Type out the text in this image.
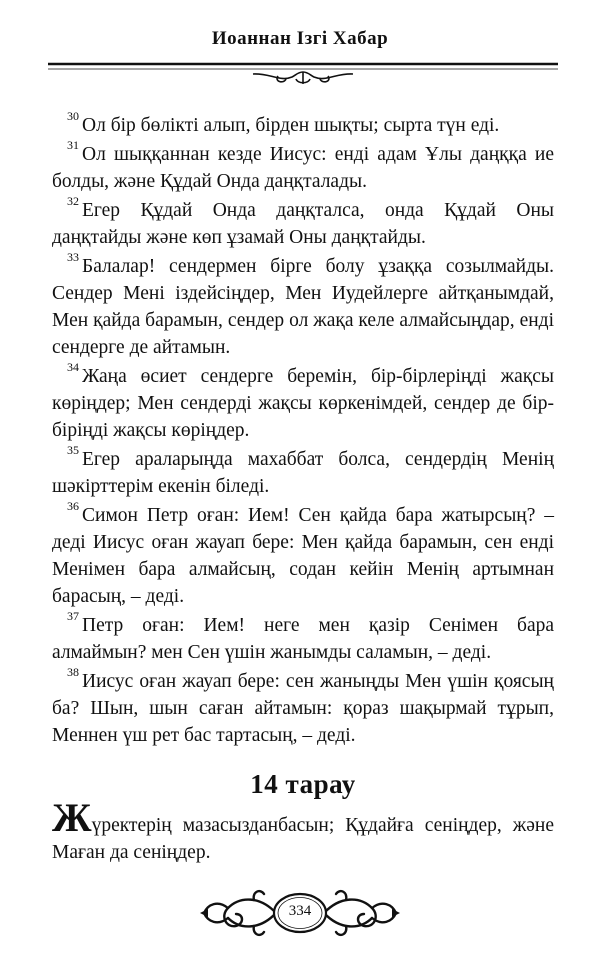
Иоаннан Ізгі Хабар

$^{30}$ Ол бір бөлікті алып, бірден шықты; сырта түн еді.

$^{31}$ Ол шыққаннан кезде Иисус: енді адам Ұлы даңққа ие болды, және Құдай Онда даңқталады.

$^{32}$ Егер Құдай Онда даңқталса, онда Құдай Оны даңқтайды және көп ұзамай Оны даңқтайды.

$^{33}$ Балалар! сендермен бірге болу ұзаққа созылмайды. Сендер Мені іздейсіңдер, Мен Иудейлерге айтқанымдай, Мен қайда барамын, сендер ол жақа келе алмайсыңдар, енді сендерге де айтамын.

$^{34}$ Жаңа өсиет сендерге беремін, бір-бірлеріңді жақсы көріңдер; Мен сендерді жақсы көркенімдей, сендер де бір-біріңді жақсы көріңдер.

$^{35}$ Егер араларыңда махаббат болса, сендердің Менің шәкірттерім екенін біледі.

$^{36}$ Симон Петр оған: Ием! Сен қайда бара жатырсың? – деді Иисус оған жауап бере: Мен қайда барамын, сен енді Менімен бара алмайсың, содан кейін Менің артымнан барасың, – деді.

$^{37}$ Петр оған: Ием! неге мен қазір Сенімен бара алмаймын? мен Сен үшін жанымды саламын, – деді.

$^{38}$ Иисус оған жауап бере: сен жаныңды Мен үшін қоясың ба? Шын, шын саған айтамын: қораз шақырмай тұрып, Меннен үш рет бас тартасың, – деді.

14 тарау

Жүректерің мазасызданбасын; Құдайға сеніңдер, және Маған да сеніңдер.

334
